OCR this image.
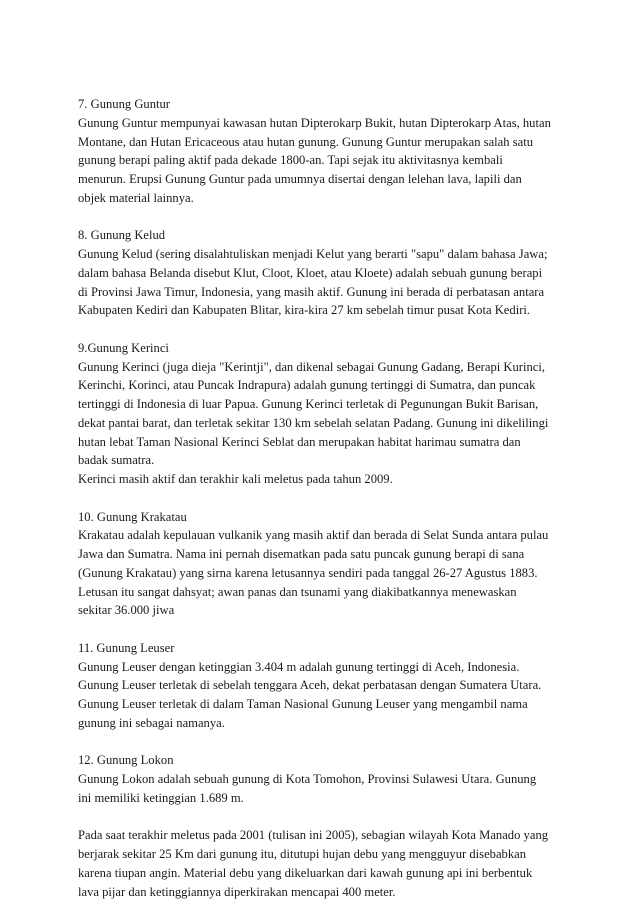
7. Gunung Guntur
Gunung Guntur mempunyai kawasan hutan Dipterokarp Bukit, hutan Dipterokarp Atas, hutan
Montane, dan Hutan Ericaceous atau hutan gunung. Gunung Guntur merupakan salah satu
gunung berapi paling aktif pada dekade 1800-an. Tapi sejak itu aktivitasnya kembali
menurun. Erupsi Gunung Guntur pada umumnya disertai dengan lelehan lava, lapili dan
objek material lainnya.
8. Gunung Kelud
Gunung Kelud (sering disalahtuliskan menjadi Kelut yang berarti "sapu" dalam bahasa Jawa;
dalam bahasa Belanda disebut Klut, Cloot, Kloet, atau Kloete) adalah sebuah gunung berapi
di Provinsi Jawa Timur, Indonesia, yang masih aktif. Gunung ini berada di perbatasan antara
Kabupaten Kediri dan Kabupaten Blitar, kira-kira 27 km sebelah timur pusat Kota Kediri.
9.Gunung Kerinci
Gunung Kerinci (juga dieja "Kerintji", dan dikenal sebagai Gunung Gadang, Berapi Kurinci,
Kerinchi, Korinci, atau Puncak Indrapura) adalah gunung tertinggi di Sumatra, dan puncak
tertinggi di Indonesia di luar Papua. Gunung Kerinci terletak di Pegunungan Bukit Barisan,
dekat pantai barat, dan terletak sekitar 130 km sebelah selatan Padang. Gunung ini dikelilingi
hutan lebat Taman Nasional Kerinci Seblat dan merupakan habitat harimau sumatra dan
badak sumatra.
Kerinci masih aktif dan terakhir kali meletus pada tahun 2009.
10. Gunung Krakatau
Krakatau adalah kepulauan vulkanik yang masih aktif dan berada di Selat Sunda antara pulau
Jawa dan Sumatra. Nama ini pernah disematkan pada satu puncak gunung berapi di sana
(Gunung Krakatau) yang sirna karena letusannya sendiri pada tanggal 26-27 Agustus 1883.
Letusan itu sangat dahsyat; awan panas dan tsunami yang diakibatkannya menewaskan
sekitar 36.000 jiwa
11. Gunung Leuser
Gunung Leuser dengan ketinggian 3.404 m adalah gunung tertinggi di Aceh, Indonesia.
Gunung Leuser terletak di sebelah tenggara Aceh, dekat perbatasan dengan Sumatera Utara.
Gunung Leuser terletak di dalam Taman Nasional Gunung Leuser yang mengambil nama
gunung ini sebagai namanya.
12. Gunung Lokon
Gunung Lokon adalah sebuah gunung di Kota Tomohon, Provinsi Sulawesi Utara. Gunung
ini memiliki ketinggian 1.689 m.
Pada saat terakhir meletus pada 2001 (tulisan ini 2005), sebagian wilayah Kota Manado yang
berjarak sekitar 25 Km dari gunung itu, ditutupi hujan debu yang mengguyur disebabkan
karena tiupan angin. Material debu yang dikeluarkan dari kawah gunung api ini berbentuk
lava pijar dan ketinggiannya diperkirakan mencapai 400 meter.
